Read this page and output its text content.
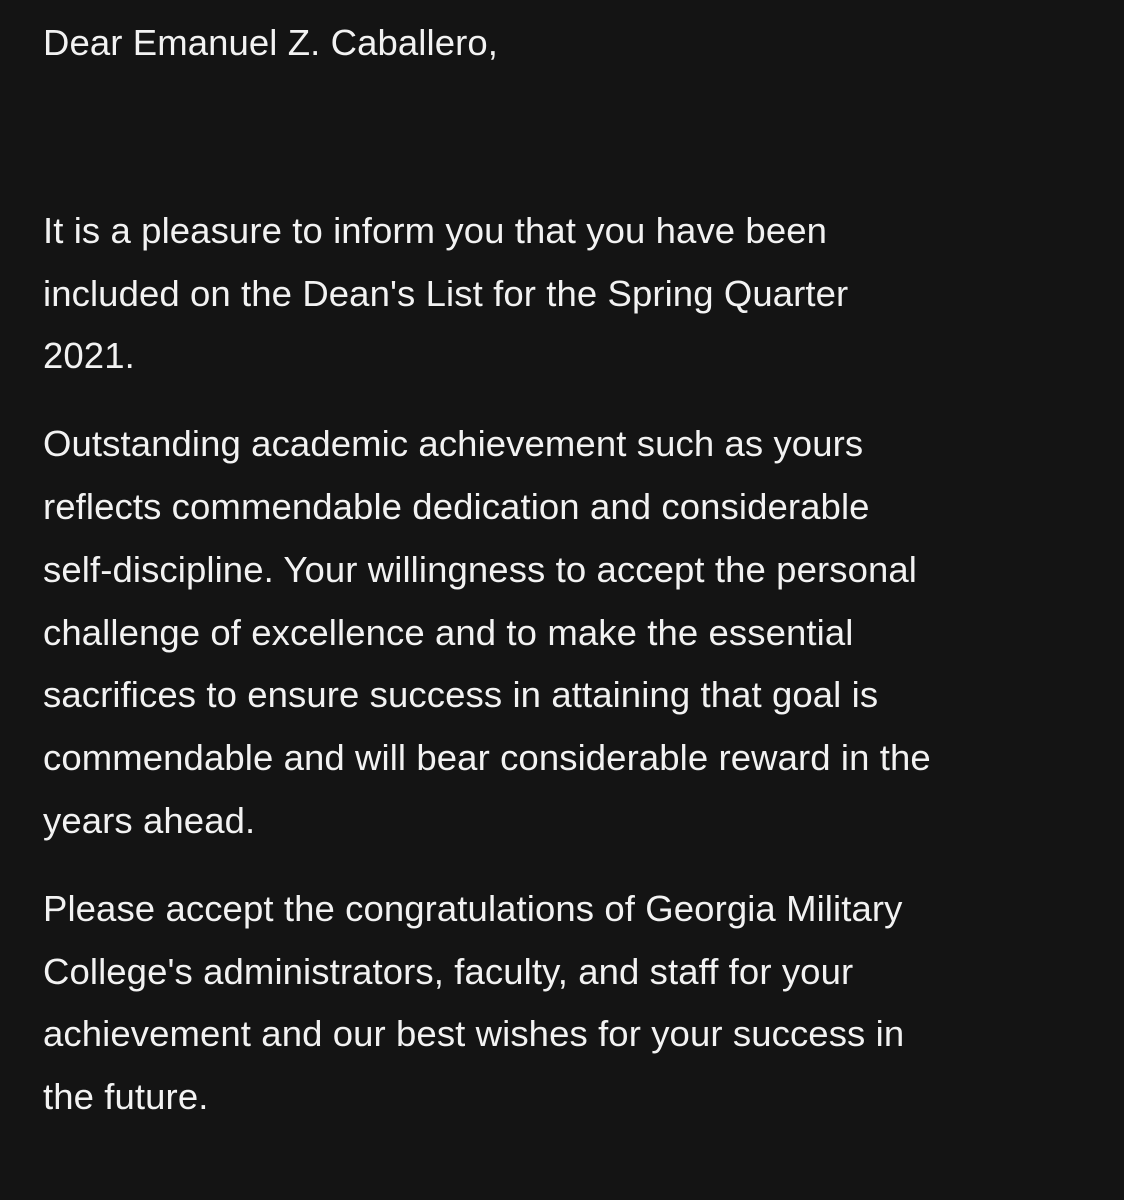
Dear Emanuel Z. Caballero,
It is a pleasure to inform you that you have been
included on the Dean's List for the Spring Quarter
2021.
Outstanding academic achievement such as yours
reflects commendable dedication and considerable
self-discipline. Your willingness to accept the personal
challenge of excellence and to make the essential
sacrifices to ensure success in attaining that goal is
commendable and will bear considerable reward in the
years ahead.
Please accept the congratulations of Georgia Military
College's administrators, faculty, and staff for your
achievement and our best wishes for your success in
the future.
